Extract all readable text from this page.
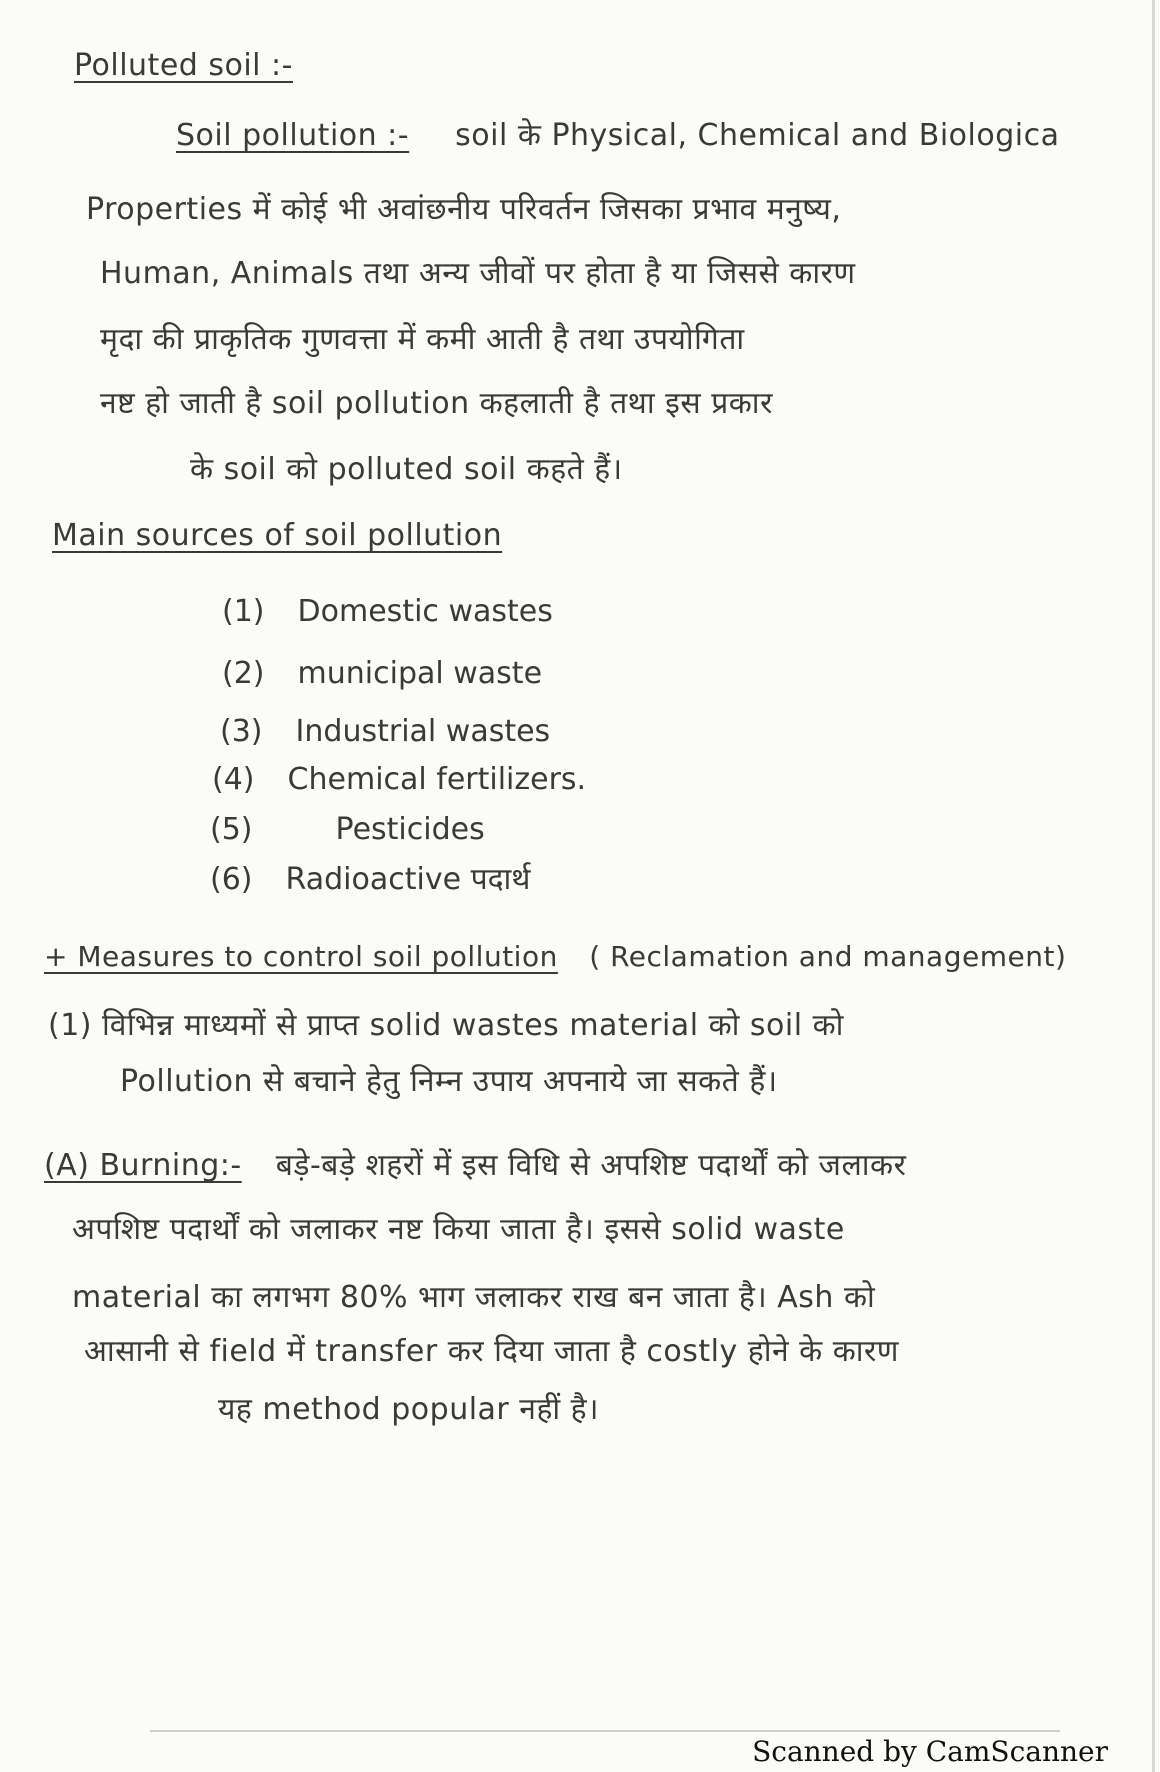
Polluted soil :-
Soil pollution :- soil के Physical, Chemical and Biologica
Properties में कोई भी अवांछनीय परिवर्तन जिसका प्रभाव मनुष्य,
Human, Animals तथा अन्य जीवों पर होता है या जिससे कारण
मृदा की प्राकृतिक गुणवत्ता में कमी आती है तथा उपयोगिता
नष्ट हो जाती है soil pollution कहलाती है तथा इस प्रकार
के soil को polluted soil कहते हैं।
Main sources of soil pollution
(1) Domestic wastes
(2) municipal waste
(3) Industrial wastes
(4) Chemical fertilizers.
(5)	Pesticides
(6) Radioactive पदार्थ
+ Measures to control soil pollution ( Reclamation and management)
(1) विभिन्न माध्यमों से प्राप्त solid wastes material को soil को
Pollution से बचाने हेतु निम्न उपाय अपनाये जा सकते हैं।
(A) Burning:- बड़े-बड़े शहरों में इस विधि से अपशिष्ट पदार्थों को जलाकर
अपशिष्ट पदार्थों को जलाकर नष्ट किया जाता है। इससे solid waste
material का लगभग 80% भाग जलाकर राख बन जाता है। Ash को
आसानी से field में transfer कर दिया जाता है costly होने के कारण
यह method popular नहीं है।
Scanned by CamScanner
